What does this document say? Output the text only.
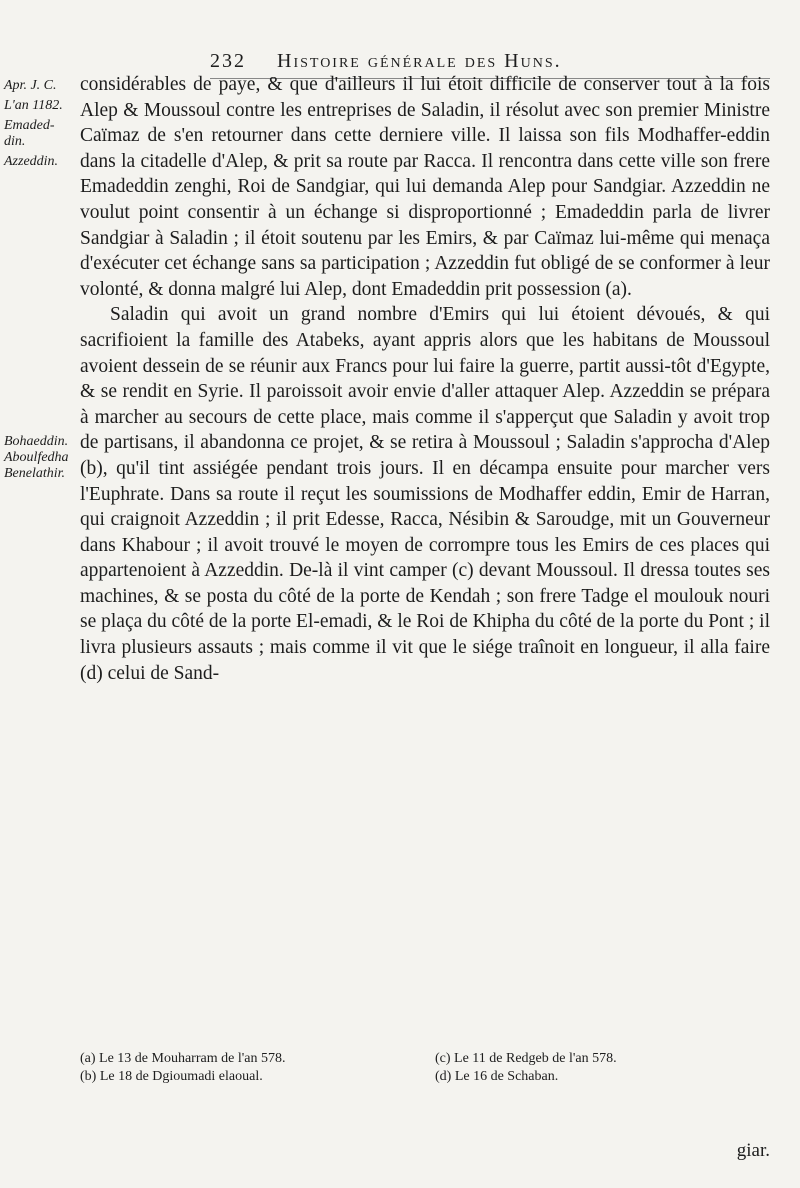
232 Histoire générale des Huns.
Apr. J. C.
L'an 1182.
Emaded-
din.
Azzeddin.
Bohaeddin.
Aboulfedha
Benelathir.

considérables de paye, & que d'ailleurs il lui étoit difficile de conserver tout à la fois Alep & Moussoul contre les entreprises de Saladin, il résolut avec son premier Ministre Caïmaz de s'en retourner dans cette derniere ville. Il laissa son fils Modhaffer-eddin dans la citadelle d'Alep, & prit sa route par Racca. Il rencontra dans cette ville son frere Emadeddin zenghi, Roi de Sandgiar, qui lui demanda Alep pour Sandgiar. Azzeddin ne voulut point consentir à un échange si disproportionné ; Emadeddin parla de livrer Sandgiar à Saladin ; il étoit soutenu par les Emirs, & par Caïmaz lui-même qui menaça d'exécuter cet échange sans sa participation ; Azzeddin fut obligé de se conformer à leur volonté, & donna malgré lui Alep, dont Emadeddin prit possession (a).

Saladin qui avoit un grand nombre d'Emirs qui lui étoient dévoués, & qui sacrifioient la famille des Atabeks, ayant appris alors que les habitans de Moussoul avoient dessein de se réunir aux Francs pour lui faire la guerre, partit aussi-tôt d'Egypte, & se rendit en Syrie. Il paroissoit avoir envie d'aller attaquer Alep. Azzeddin se prépara à marcher au secours de cette place, mais comme il s'apperçut que Saladin y avoit trop de partisans, il abandonna ce projet, & se retira à Moussoul ; Saladin s'approcha d'Alep (b), qu'il tint assiégée pendant trois jours. Il en décampa ensuite pour marcher vers l'Euphrate. Dans sa route il reçut les soumissions de Modhaffer eddin, Emir de Harran, qui craignoit Azzeddin ; il prit Edesse, Racca, Nésibin & Saroudge, mit un Gouverneur dans Khabour ; il avoit trouvé le moyen de corrompre tous les Emirs de ces places qui appartenoient à Azzeddin. De-là il vint camper (c) devant Moussoul. Il dressa toutes ses machines, & se posta du côté de la porte de Kendah ; son frere Tadge el moulouk nouri se plaça du côté de la porte El-emadi, & le Roi de Khipha du côté de la porte du Pont ; il livra plusieurs assauts ; mais comme il vit que le siége traînoit en longueur, il alla faire (d) celui de Sand-

(a) Le 13 de Mouharram de l'an 578.
(b) Le 18 de Dgioumadi elaoual.
(c) Le 11 de Redgeb de l'an 578.
(d) Le 16 de Schaban.
giar.
